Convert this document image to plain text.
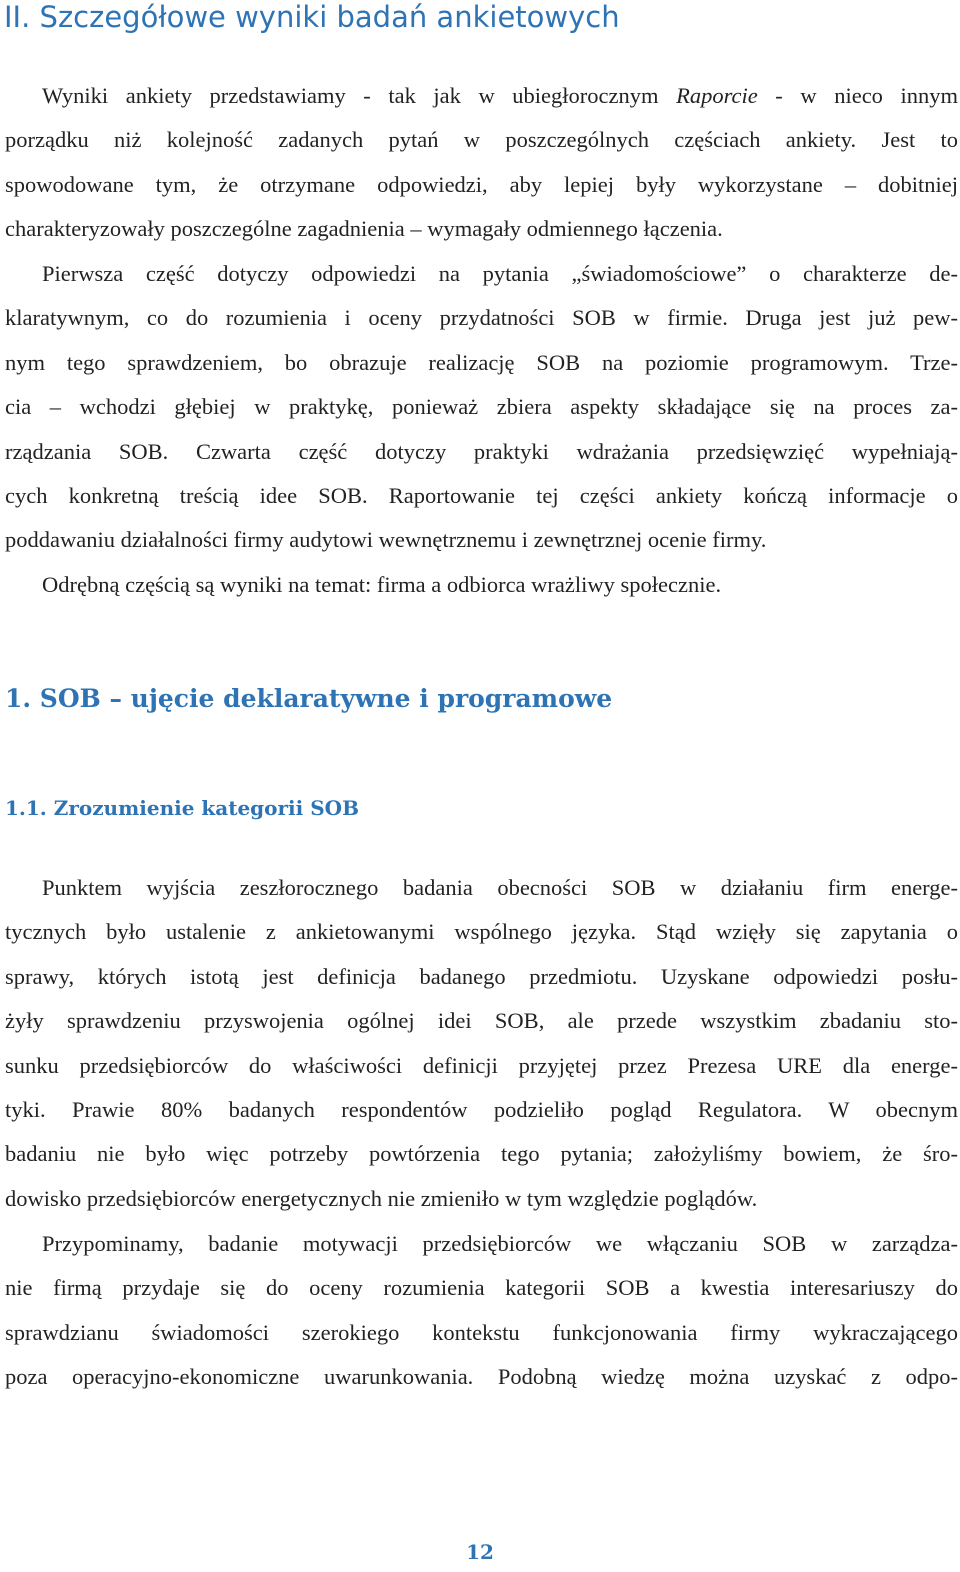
II. Szczegółowe wyniki badań ankietowych
Wyniki ankiety przedstawiamy - tak jak w ubiegłorocznym Raporcie - w nieco innym
porządku niż kolejność zadanych pytań w poszczególnych częściach ankiety. Jest to
spowodowane tym, że otrzymane odpowiedzi, aby lepiej były wykorzystane – dobitniej
charakteryzowały poszczególne zagadnienia – wymagały odmiennego łączenia.
Pierwsza część dotyczy odpowiedzi na pytania „świadomościowe” o charakterze de-
klaratywnym, co do rozumienia i oceny przydatności SOB w firmie. Druga jest już pew-
nym tego sprawdzeniem, bo obrazuje realizację SOB na poziomie programowym. Trze-
cia – wchodzi głębiej w praktykę, ponieważ zbiera aspekty składające się na proces za-
rządzania SOB. Czwarta część dotyczy praktyki wdrażania przedsięwzięć wypełniają-
cych konkretną treścią idee SOB. Raportowanie tej części ankiety kończą informacje o
poddawaniu działalności firmy audytowi wewnętrznemu i zewnętrznej ocenie firmy.
Odrębną częścią są wyniki na temat: firma a odbiorca wrażliwy społecznie.
1. SOB – ujęcie deklaratywne i programowe
1.1. Zrozumienie kategorii SOB
Punktem wyjścia zeszłorocznego badania obecności SOB w działaniu firm energe-
tycznych było ustalenie z ankietowanymi wspólnego języka. Stąd wzięły się zapytania o
sprawy, których istotą jest definicja badanego przedmiotu. Uzyskane odpowiedzi posłu-
żyły sprawdzeniu przyswojenia ogólnej idei SOB, ale przede wszystkim zbadaniu sto-
sunku przedsiębiorców do właściwości definicji przyjętej przez Prezesa URE dla energe-
tyki. Prawie 80% badanych respondentów podzieliło pogląd Regulatora. W obecnym
badaniu nie było więc potrzeby powtórzenia tego pytania; założyliśmy bowiem, że śro-
dowisko przedsiębiorców energetycznych nie zmieniło w tym względzie poglądów.
Przypominamy, badanie motywacji przedsiębiorców we włączaniu SOB w zarządza-
nie firmą przydaje się do oceny rozumienia kategorii SOB a kwestia interesariuszy do
sprawdzianu świadomości szerokiego kontekstu funkcjonowania firmy wykraczającego
poza operacyjno-ekonomiczne uwarunkowania. Podobną wiedzę można uzyskać z odpo-
12
